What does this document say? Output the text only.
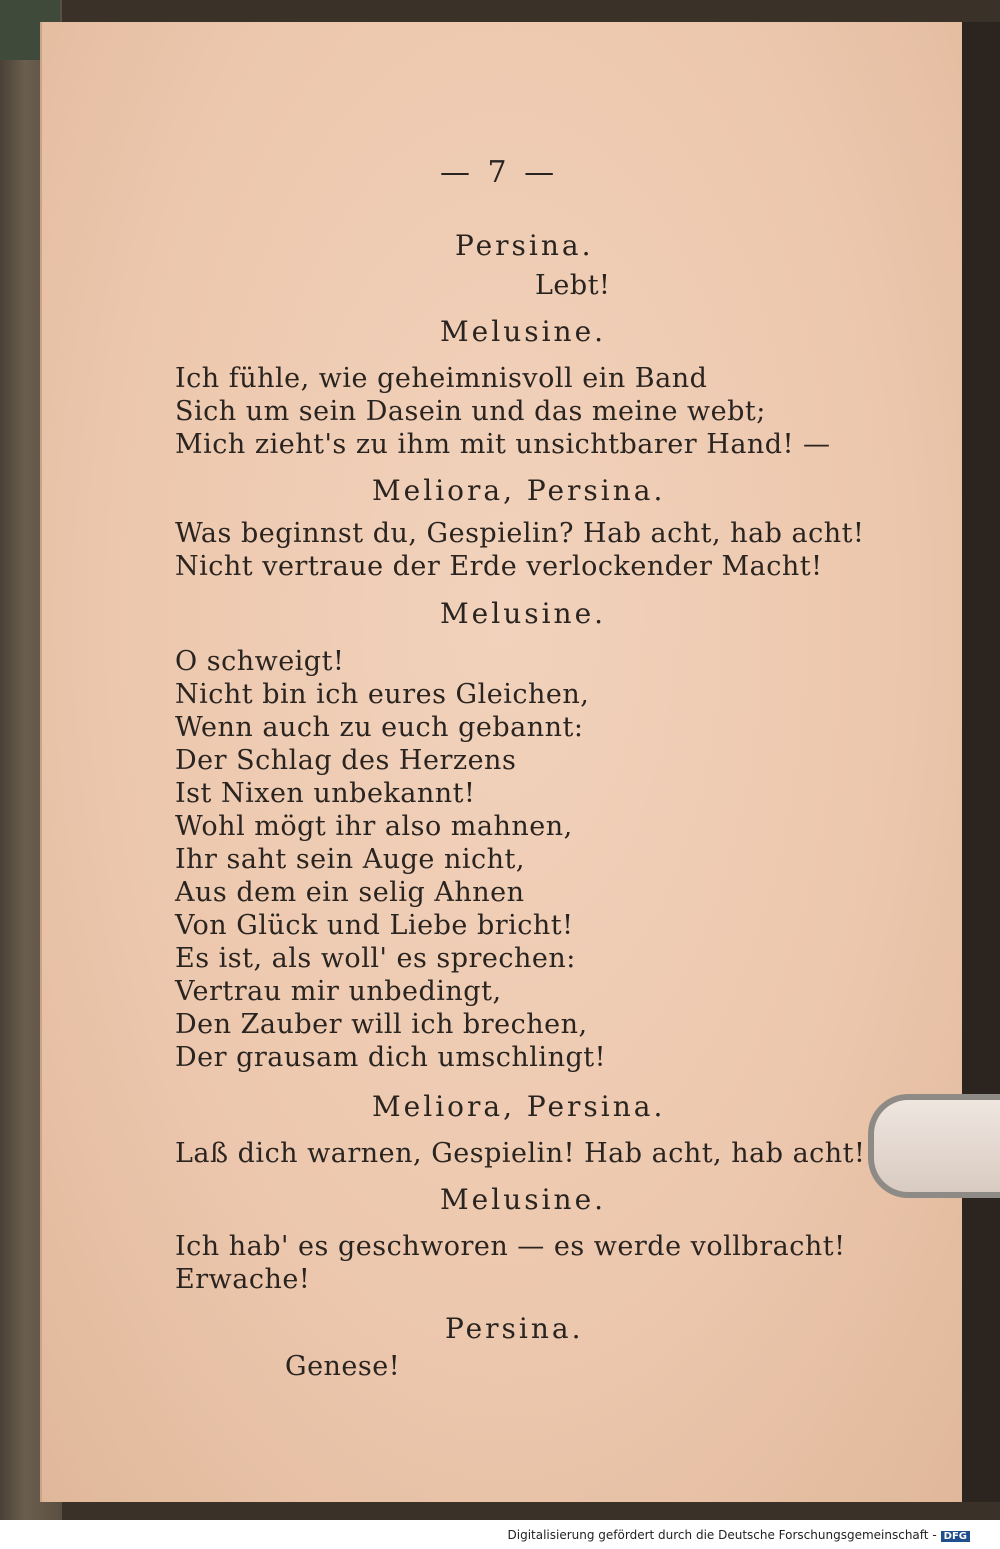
— 7 —
Persina.
Lebt!
Melusine.
Ich fühle, wie geheimnisvoll ein Band
Sich um sein Dasein und das meine webt;
Mich zieht's zu ihm mit unsichtbarer Hand! —
Meliora, Persina.
Was beginnst du, Gespielin? Hab acht, hab acht!
Nicht vertraue der Erde verlockender Macht!
Melusine.
O schweigt!
Nicht bin ich eures Gleichen,
Wenn auch zu euch gebannt:
Der Schlag des Herzens
Ist Nixen unbekannt!
Wohl mögt ihr also mahnen,
Ihr saht sein Auge nicht,
Aus dem ein selig Ahnen
Von Glück und Liebe bricht!
Es ist, als woll' es sprechen:
Vertrau mir unbedingt,
Den Zauber will ich brechen,
Der grausam dich umschlingt!
Meliora, Persina.
Laß dich warnen, Gespielin! Hab acht, hab acht!
Melusine.
Ich hab' es geschworen — es werde vollbracht!
Erwache!
Persina.
Genese!
Digitalisierung gefördert durch die Deutsche Forschungsgemeinschaft - DFG
